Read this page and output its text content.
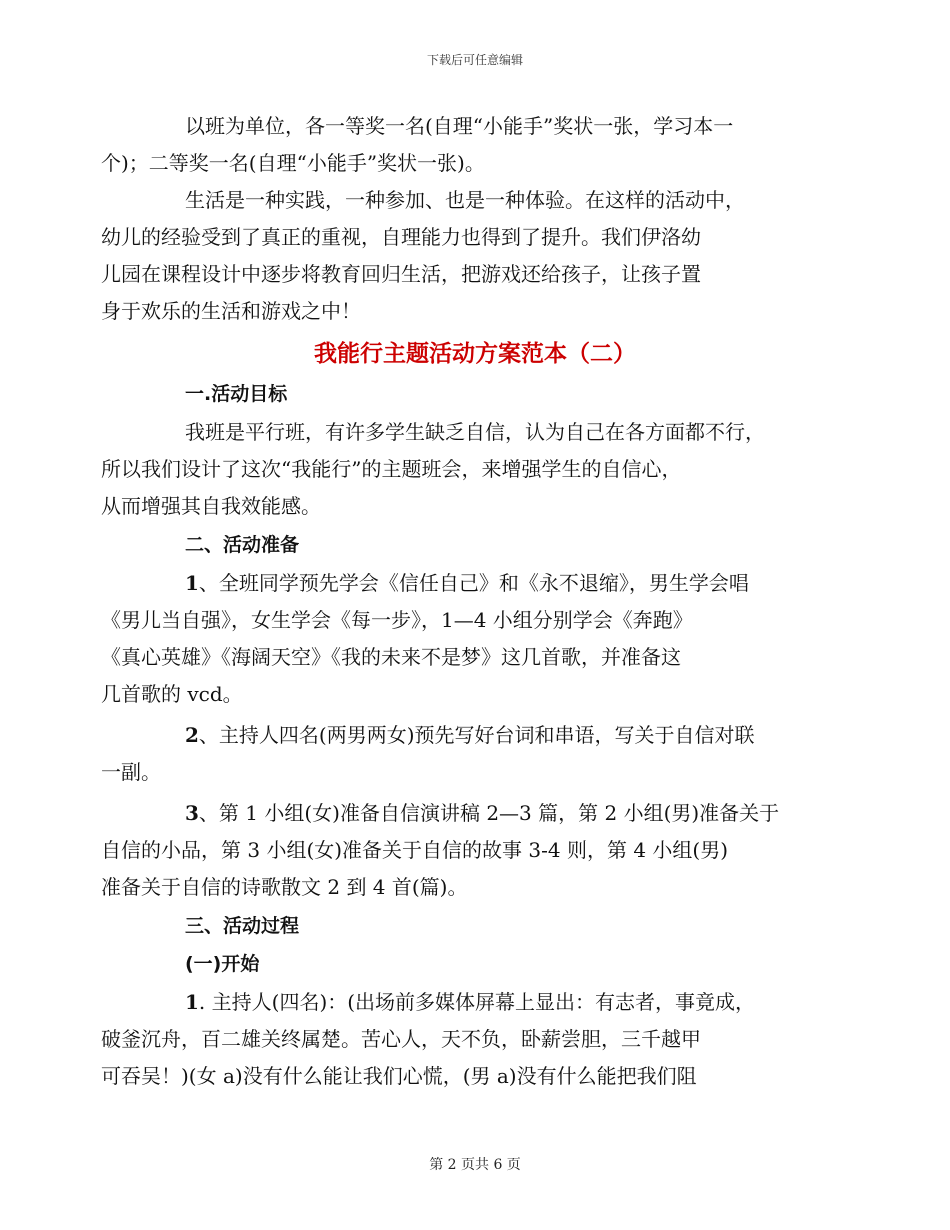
下载后可任意编辑
以班为单位，各一等奖一名(自理“小能手”奖状一张，学习本一
个)；二等奖一名(自理“小能手”奖状一张)。
生活是一种实践，一种参加、也是一种体验。在这样的活动中，
幼儿的经验受到了真正的重视，自理能力也得到了提升。我们伊洛幼
儿园在课程设计中逐步将教育回归生活，把游戏还给孩子，让孩子置
身于欢乐的生活和游戏之中！
我能行主题活动方案范本（二）
一.活动目标
我班是平行班，有许多学生缺乏自信，认为自己在各方面都不行，
所以我们设计了这次“我能行”的主题班会，来增强学生的自信心，
从而增强其自我效能感。
二、活动准备
1、全班同学预先学会《信任自己》和《永不退缩》，男生学会唱
《男儿当自强》，女生学会《每一步》，1—4 小组分别学会《奔跑》
《真心英雄》《海阔天空》《我的未来不是梦》这几首歌，并准备这
几首歌的 vcd。
2、主持人四名(两男两女)预先写好台词和串语，写关于自信对联
一副。
3、第 1 小组(女)准备自信演讲稿 2—3 篇，第 2 小组(男)准备关于
自信的小品，第 3 小组(女)准备关于自信的故事 3-4 则，第 4 小组(男)
准备关于自信的诗歌散文 2 到 4 首(篇)。
三、活动过程
(一)开始
1. 主持人(四名)：(出场前多媒体屏幕上显出：有志者，事竟成，
破釜沉舟，百二雄关终属楚。苦心人，天不负，卧薪尝胆，三千越甲
可吞吴！)(女 a)没有什么能让我们心慌，(男 a)没有什么能把我们阻
第 2 页共 6 页
